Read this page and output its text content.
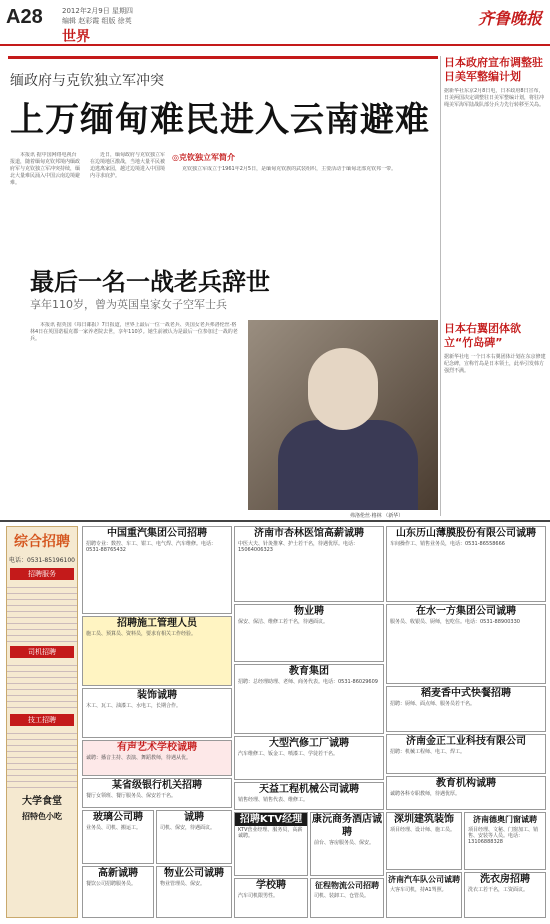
A28	2012年2月9日 星期四
编辑 赵彩霞 组版 徐英
世界
齐鲁晚报
缅政府与克钦独立军冲突
上万缅甸难民进入云南避难

本报讯 据中国网络电视台报道，随着缅甸克钦邦境内缅政府军与克钦独立军冲突持续，缅北大量难民涌入中国云南边境避难。

近日，缅甸政府与克钦独立军在边境地区激战，当地大量平民被迫逃离家园，越过边境进入中国境内寻求庇护。

◎克钦独立军简介

克钦独立军成立于1961年2月5日，是缅甸克钦族的武装组织，主要活动于缅甸北部克钦邦一带。

日本政府宣布调整驻日美军整编计划
据新华社东京2月8日电，日本政府8日宣布，日美两国决定调整驻日美军整编计划，将驻冲绳美军海军陆战队部分兵力先行转移至关岛。
日本右翼团体欲立“竹岛碑”
据新华社电 一个日本右翼团体计划在东京修建纪念碑，宣称竹岛是日本领土，此举引发韩方强烈不满。
最后一名一战老兵辞世
享年110岁，曾为英国皇家女子空军士兵

本报讯 据英国《每日邮报》7日报道，世界上最后一位一战老兵、英国女老兵弗洛伦丝·格林4日在英国诺福克郡一家养老院去世，享年110岁。她生前被认为是最后一位参加过一战的老兵。

弗洛伦丝·格林 （新华）
综合招聘
电话：0531-85196100
招聘服务
司机招聘
技工招聘
大学食堂
招特色小吃
中国重汽集团公司招聘
招聘专业：数控、车工、钳工、电气焊、汽车维修。电话：0531-88765432
济南市杏林医馆高薪诚聘
中医大夫、针灸推拿、护士若干名，待遇优厚。电话：15064006323
山东历山薄膜股份有限公司诚聘
车间操作工、销售业务员，电话：0531-86558666
招聘施工管理人员
施工员、预算员、资料员，要求有相关工作经验。
物业聘
保安、保洁、维修工若干名，待遇面议。
在水一方集团公司诚聘
服务员、收银员、厨师，包吃住。电话：0531-88900330
装饰诚聘
木工、瓦工、油漆工、水电工，长期合作。
教育集团
招聘：总经理助理、老师、商务代表。电话：0531-86029609
稻麦香中式快餐招聘
招聘：厨师、面点师、服务员若干名。
有声艺术学校诚聘
诚聘：播音主持、表演、舞蹈教师，待遇从优。
大型汽修工厂诚聘
汽车维修工、钣金工、喷漆工、学徒若干名。
济南金正工业科技有限公司
招聘：机械工程师、电工、焊工。
某省级银行机关招聘
餐厅女领班、餐厅服务员、保安若干名。
天益工程机械公司诚聘
销售经理、销售代表、维修工。
教育机构诚聘
诚聘各科专职教师，待遇优厚。
玻璃公司聘
业务员、司机、搬运工。
诚聘
司机、保安，待遇面议。
招聘KTV经理
KTV营业经理、服务员，高薪诚聘。
康沅商务酒店诚聘
前台、客房服务员、保安。
深圳建筑装饰
项目经理、设计师、施工员。
济南德奥门窗诚聘
项目经理、文秘、门窗加工、销售、安装等人员。电话：13106888328
高新诚聘
餐饮公司招聘服务员。
物业公司诚聘
物业管理员、保安。	学校聘
汽车司机限男性。
征程物流公司招聘
司机、装卸工、仓管员。
济南汽车队公司诚聘
大客车司机，持A1驾照。
洗衣房招聘
洗衣工若干名，工资面议。
